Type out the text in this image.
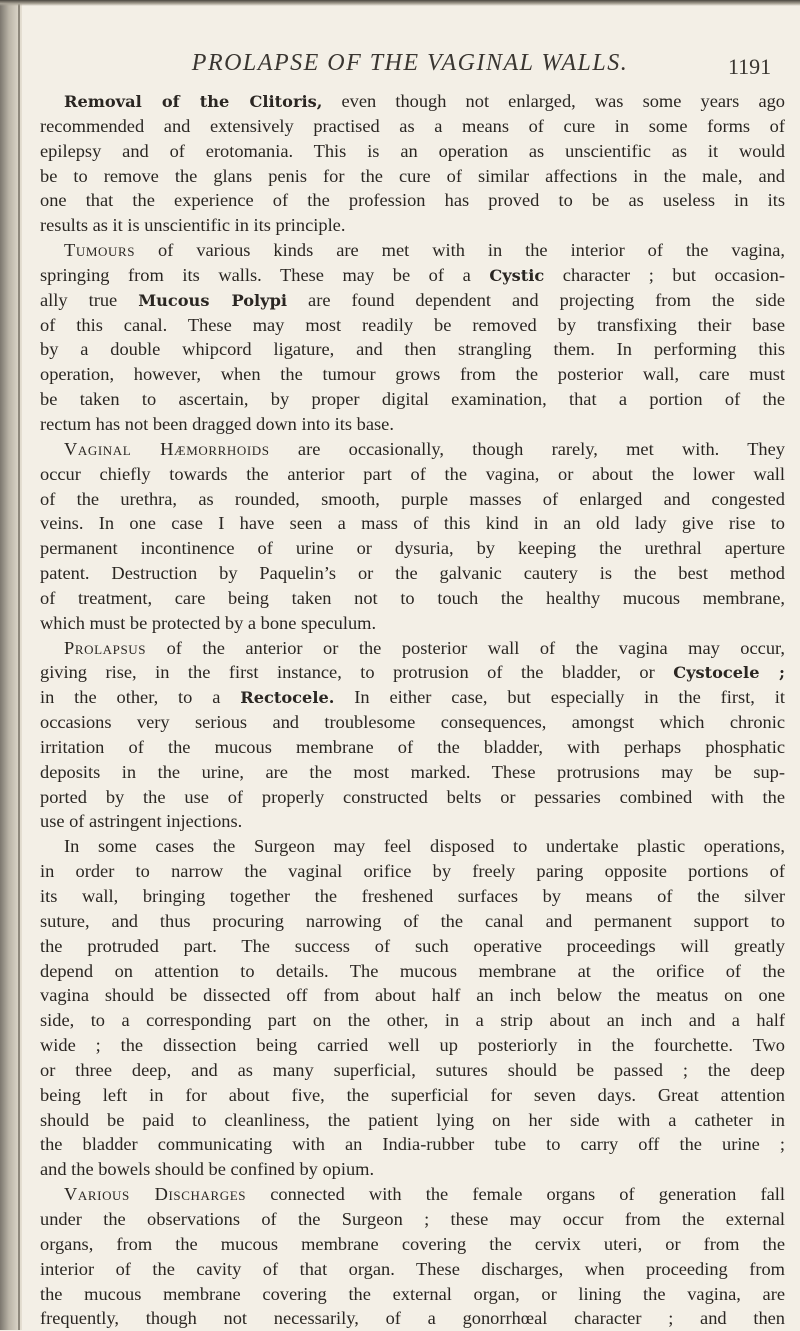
PROLAPSE OF THE VAGINAL WALLS.	1191
Removal of the Clitoris, even though not enlarged, was some years ago
recommended and extensively practised as a means of cure in some forms of
epilepsy and of erotomania. This is an operation as unscientific as it would
be to remove the glans penis for the cure of similar affections in the male, and
one that the experience of the profession has proved to be as useless in its
results as it is unscientific in its principle.
Tumours of various kinds are met with in the interior of the vagina,
springing from its walls. These may be of a Cystic character ; but occasion-
ally true Mucous Polypi are found dependent and projecting from the side
of this canal. These may most readily be removed by transfixing their base
by a double whipcord ligature, and then strangling them. In performing this
operation, however, when the tumour grows from the posterior wall, care must
be taken to ascertain, by proper digital examination, that a portion of the
rectum has not been dragged down into its base.
Vaginal Hæmorrhoids are occasionally, though rarely, met with. They
occur chiefly towards the anterior part of the vagina, or about the lower wall
of the urethra, as rounded, smooth, purple masses of enlarged and congested
veins. In one case I have seen a mass of this kind in an old lady give rise to
permanent incontinence of urine or dysuria, by keeping the urethral aperture
patent. Destruction by Paquelin’s or the galvanic cautery is the best method
of treatment, care being taken not to touch the healthy mucous membrane,
which must be protected by a bone speculum.
Prolapsus of the anterior or the posterior wall of the vagina may occur,
giving rise, in the first instance, to protrusion of the bladder, or Cystocele ;
in the other, to a Rectocele. In either case, but especially in the first, it
occasions very serious and troublesome consequences, amongst which chronic
irritation of the mucous membrane of the bladder, with perhaps phosphatic
deposits in the urine, are the most marked. These protrusions may be sup-
ported by the use of properly constructed belts or pessaries combined with the
use of astringent injections.
In some cases the Surgeon may feel disposed to undertake plastic operations,
in order to narrow the vaginal orifice by freely paring opposite portions of
its wall, bringing together the freshened surfaces by means of the silver
suture, and thus procuring narrowing of the canal and permanent support to
the protruded part. The success of such operative proceedings will greatly
depend on attention to details. The mucous membrane at the orifice of the
vagina should be dissected off from about half an inch below the meatus on one
side, to a corresponding part on the other, in a strip about an inch and a half
wide ; the dissection being carried well up posteriorly in the fourchette. Two
or three deep, and as many superficial, sutures should be passed ; the deep
being left in for about five, the superficial for seven days. Great attention
should be paid to cleanliness, the patient lying on her side with a catheter in
the bladder communicating with an India-rubber tube to carry off the urine ;
and the bowels should be confined by opium.
Various Discharges connected with the female organs of generation fall
under the observations of the Surgeon ; these may occur from the external
organs, from the mucous membrane covering the cervix uteri, or from the
interior of the cavity of that organ. These discharges, when proceeding from
the mucous membrane covering the external organ, or lining the vagina, are
frequently, though not necessarily, of a gonorrhœal character ; and then
